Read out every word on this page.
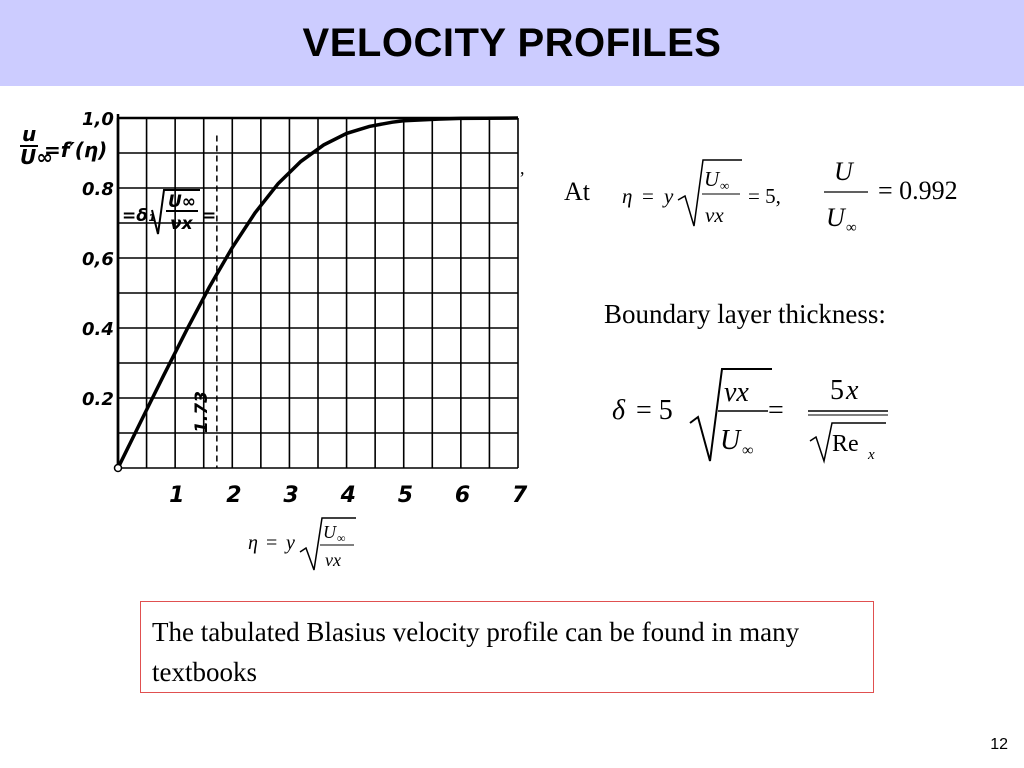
VELOCITY PROFILES
1 2 3 4 5 6 7
0.2
0.4
0,6
0.8
1,0
1.73
u
U∞
=f′(η)
=δ₁
U∞
νx =
,
η = y U ∞
νx
At η = y
U ∞
νx
= 5,
U
U ∞
= 0.992
Boundary layer thickness:
δ = 5
νx
U ∞
=
5 x
Re x
The tabulated Blasius velocity profile can be found in many textbooks
12
